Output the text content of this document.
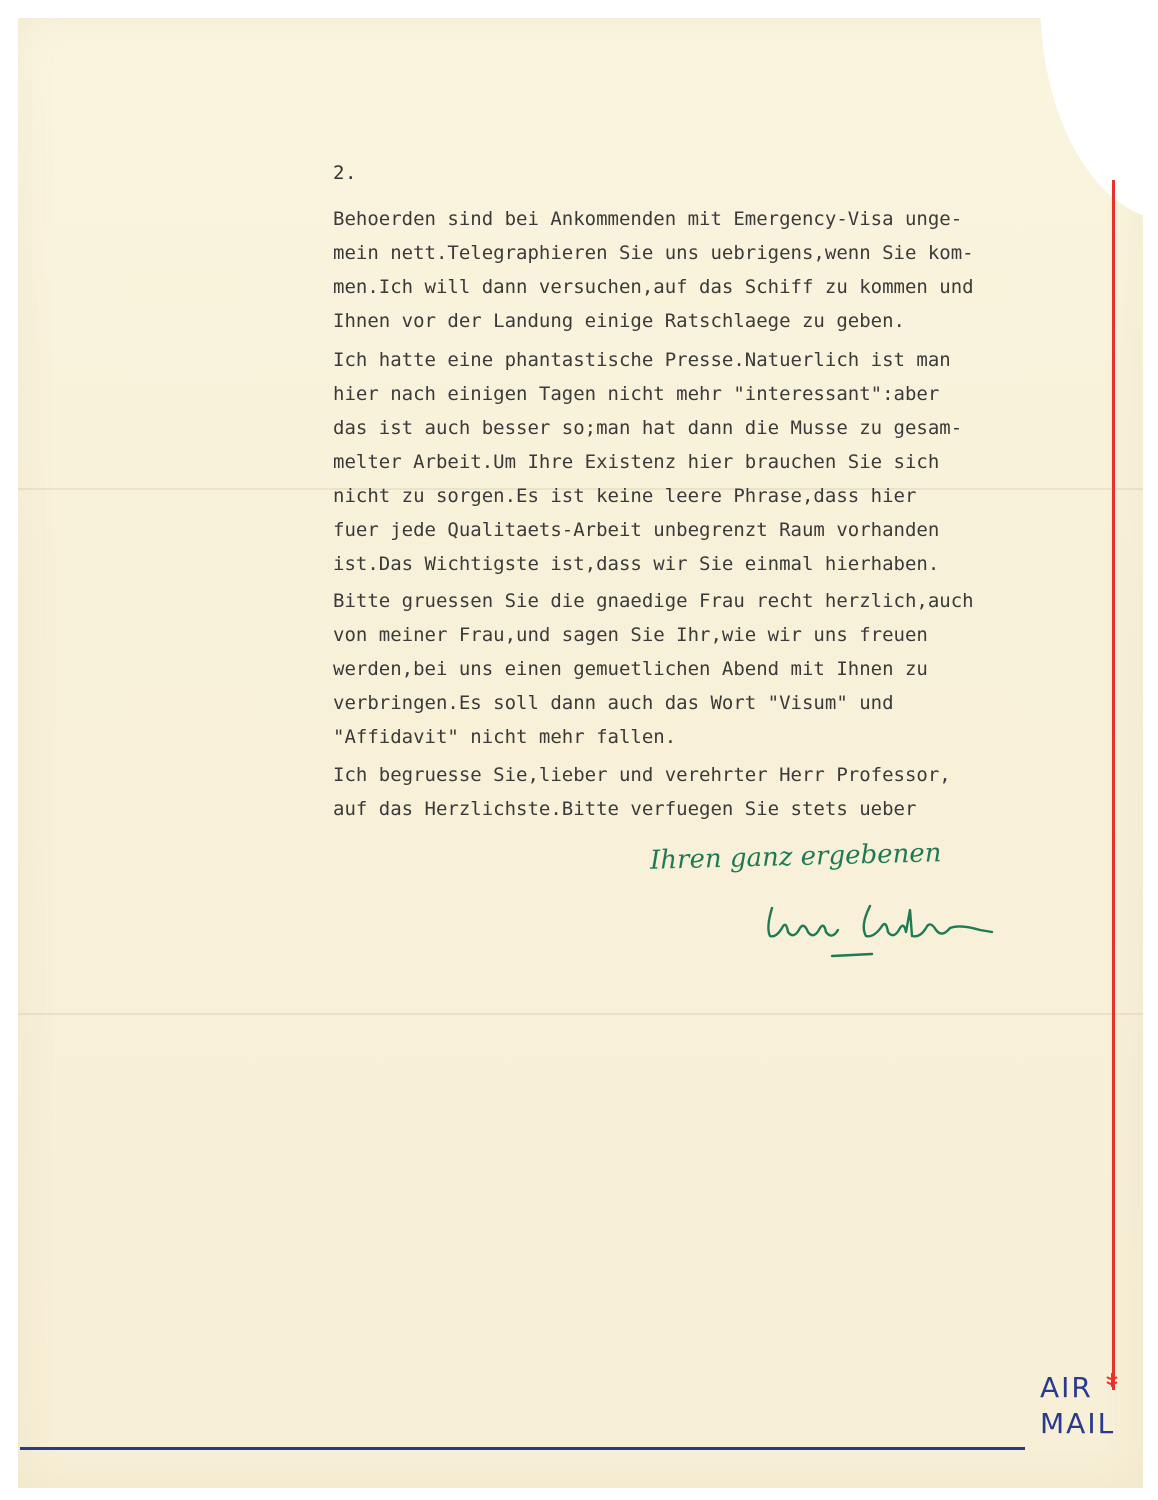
2.

Behoerden sind bei Ankommenden mit Emergency-Visa unge-
mein nett.Telegraphieren Sie uns uebrigens,wenn Sie kom-
men.Ich will dann versuchen,auf das Schiff zu kommen und
Ihnen vor der Landung einige Ratschlaege zu geben.

Ich hatte eine phantastische Presse.Natuerlich ist man
hier nach einigen Tagen nicht mehr "interessant":aber
das ist auch besser so;man hat dann die Musse zu gesam-
melter Arbeit.Um Ihre Existenz hier brauchen Sie sich
nicht zu sorgen.Es ist keine leere Phrase,dass hier
fuer jede Qualitaets-Arbeit unbegrenzt Raum vorhanden
ist.Das Wichtigste ist,dass wir Sie einmal hierhaben.

Bitte gruessen Sie die gnaedige Frau recht herzlich,auch
von meiner Frau,und sagen Sie Ihr,wie wir uns freuen
werden,bei uns einen gemuetlichen Abend mit Ihnen zu
verbringen.Es soll dann auch das Wort "Visum" und
"Affidavit" nicht mehr fallen.

Ich begruesse Sie,lieber und verehrter Herr Professor,
auf das Herzlichste.Bitte verfuegen Sie stets ueber

Ihren ganz ergebenen
AIR
MAIL
